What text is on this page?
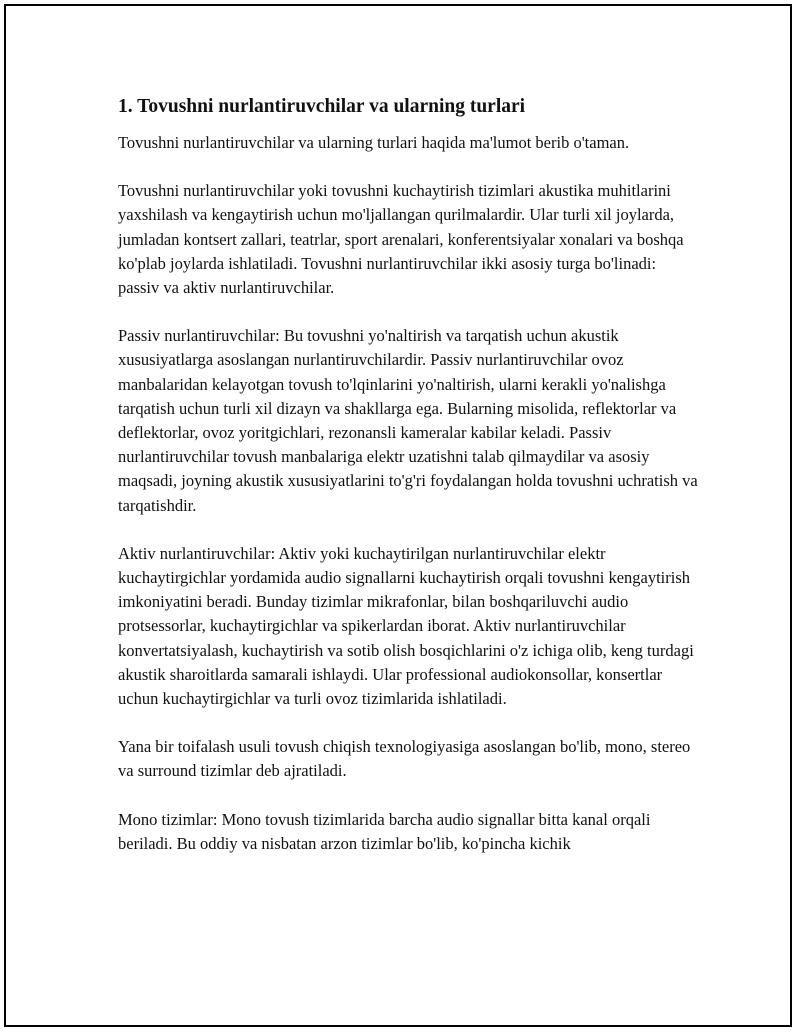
1. Tovushni nurlantiruvchilar va ularning turlari

Tovushni nurlantiruvchilar va ularning turlari haqida ma'lumot berib o'taman.

Tovushni nurlantiruvchilar yoki tovushni kuchaytirish tizimlari akustika muhitlarini yaxshilash va kengaytirish uchun mo'ljallangan qurilmalardir. Ular turli xil joylarda, jumladan kontsert zallari, teatrlar, sport arenalari, konferentsiyalar xonalari va boshqa ko'plab joylarda ishlatiladi. Tovushni nurlantiruvchilar ikki asosiy turga bo'linadi: passiv va aktiv nurlantiruvchilar.

Passiv nurlantiruvchilar: Bu tovushni yo'naltirish va tarqatish uchun akustik xususiyatlarga asoslangan nurlantiruvchilardir. Passiv nurlantiruvchilar ovoz manbalaridan kelayotgan tovush to'lqinlarini yo'naltirish, ularni kerakli yo'nalishga tarqatish uchun turli xil dizayn va shakllarga ega. Bularning misolida, reflektorlar va deflektorlar, ovoz yoritgichlari, rezonansli kameralar kabilar keladi. Passiv nurlantiruvchilar tovush manbalariga elektr uzatishni talab qilmaydilar va asosiy maqsadi, joyning akustik xususiyatlarini to'g'ri foydalangan holda tovushni uchratish va tarqatishdir.

Aktiv nurlantiruvchilar: Aktiv yoki kuchaytirilgan nurlantiruvchilar elektr kuchaytirgichlar yordamida audio signallarni kuchaytirish orqali tovushni kengaytirish imkoniyatini beradi. Bunday tizimlar mikrafonlar, bilan boshqariluvchi audio protsessorlar, kuchaytirgichlar va spikerlardan iborat. Aktiv nurlantiruvchilar konvertatsiyalash, kuchaytirish va sotib olish bosqichlarini o'z ichiga olib, keng turdagi akustik sharoitlarda samarali ishlaydi. Ular professional audiokonsollar, konsertlar uchun kuchaytirgichlar va turli ovoz tizimlarida ishlatiladi.

Yana bir toifalash usuli tovush chiqish texnologiyasiga asoslangan bo'lib, mono, stereo va surround tizimlar deb ajratiladi.

Mono tizimlar: Mono tovush tizimlarida barcha audio signallar bitta kanal orqali beriladi. Bu oddiy va nisbatan arzon tizimlar bo'lib, ko'pincha kichik
